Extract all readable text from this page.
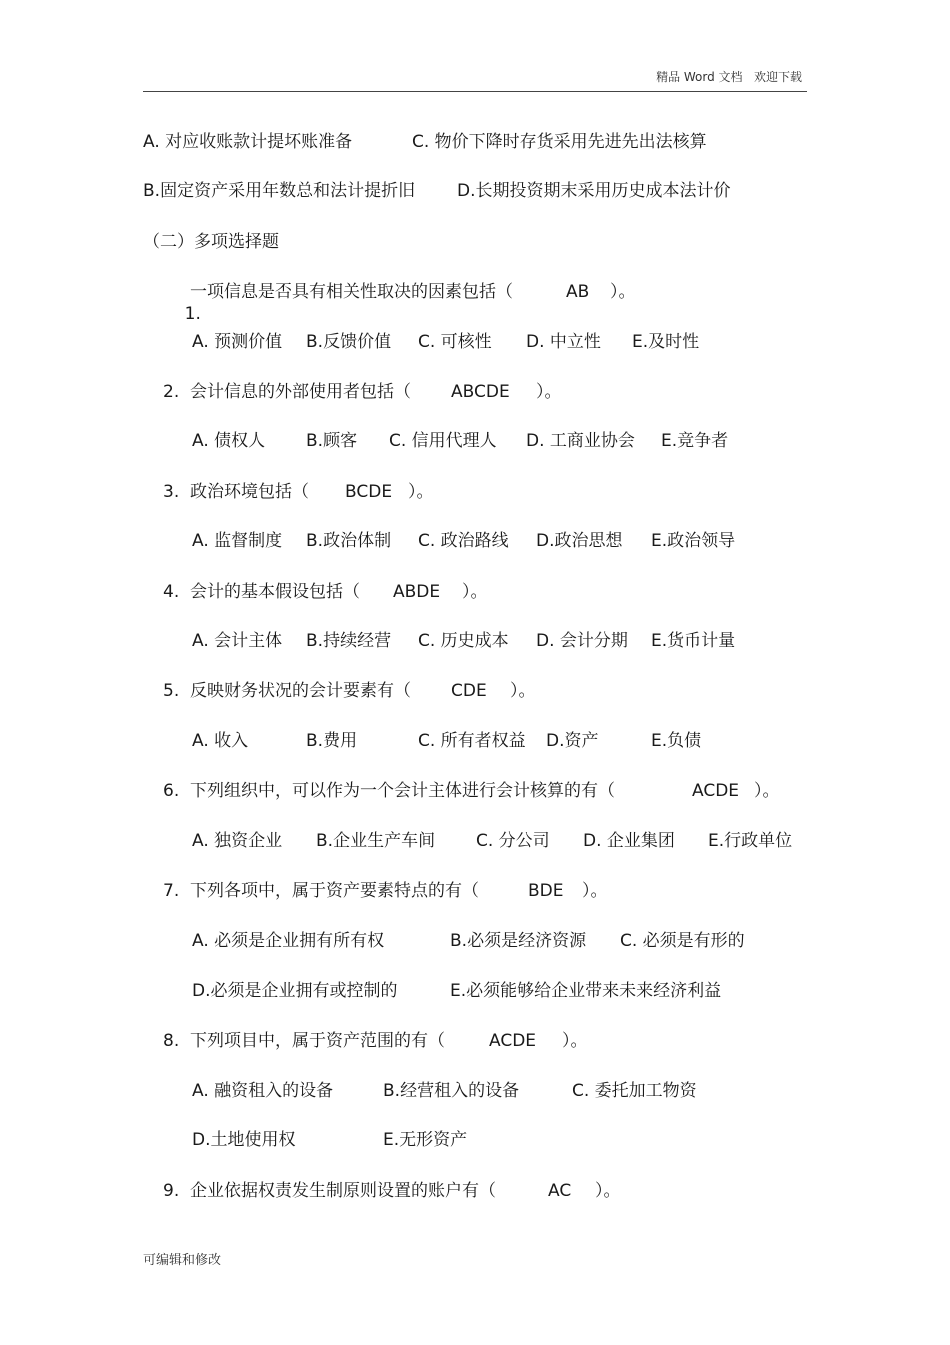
精品 Word 文档   欢迎下载
A. 对应收账款计提坏账准备	C. 物价下降时存货采用先进先出法核算
B.固定资产采用年数总和法计提折旧 D.长期投资期末采用历史成本法计价
（二）多项选择题

1.

一项信息是否具有相关性取决的因素包括（	AB ）。
A. 预测价值 B.反馈价值 C. 可核性 D. 中立性 E.及时性
2. 会计信息的外部使用者包括（ ABCDE ）。
A. 债权人 B.顾客 C. 信用代理人 D. 工商业协会 E.竞争者
3. 政治环境包括（ BCDE ）。
A. 监督制度 B.政治体制 C. 政治路线 D.政治思想 E.政治领导
4. 会计的基本假设包括（ ABDE ）。
A. 会计主体 B.持续经营 C. 历史成本 D. 会计分期 E.货币计量
5. 反映财务状况的会计要素有（ CDE ）。
A. 收入	B.费用	C. 所有者权益 D.资产	E.负债
6. 下列组织中，可以作为一个会计主体进行会计核算的有（	ACDE ）。
A. 独资企业 B.企业生产车间 C. 分公司 D. 企业集团 E.行政单位
7. 下列各项中，属于资产要素特点的有（	BDE ）。
A. 必须是企业拥有所有权	B.必须是经济资源 C. 必须是有形的
D.必须是企业拥有或控制的	E.必须能够给企业带来未来经济利益
8. 下列项目中，属于资产范围的有（	ACDE ）。
A. 融资租入的设备	B.经营租入的设备	C. 委托加工物资
D.土地使用权	E.无形资产
9. 企业依据权责发生制原则设置的账户有（	AC ）。
可编辑和修改
